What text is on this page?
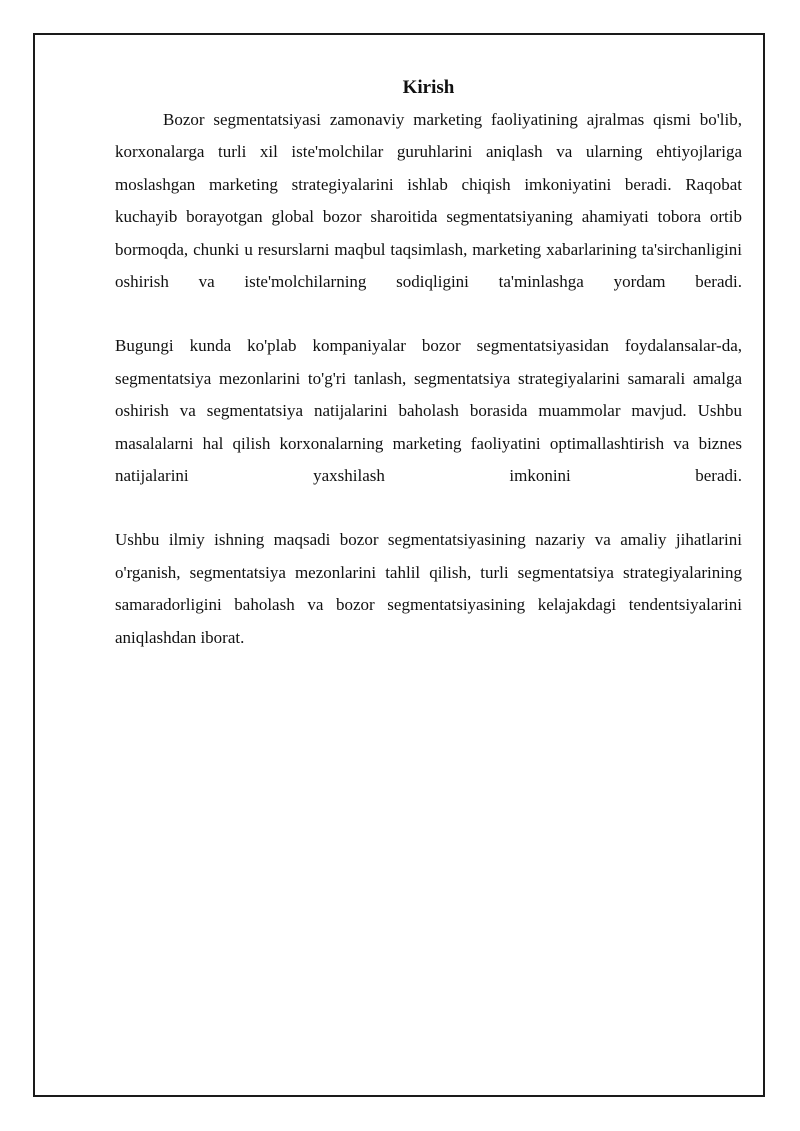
Kirish

Bozor segmentatsiyasi zamonaviy marketing faoliyatining ajralmas qismi bo'lib, korxonalarga turli xil iste'molchilar guruhlarini aniqlash va ularning ehtiyojlariga moslashgan marketing strategiyalarini ishlab chiqish imkoniyatini beradi. Raqobat kuchayib borayotgan global bozor sharoitida segmentatsiyaning ahamiyati tobora ortib bormoqda, chunki u resurslarni maqbul taqsimlash, marketing xabarlarining ta'sirchanligini oshirish va iste'molchilarning sodiqligini ta'minlashga yordam beradi.

Bugungi kunda ko'plab kompaniyalar bozor segmentatsiyasidan foydalansalar-da, segmentatsiya mezonlarini to'g'ri tanlash, segmentatsiya strategiyalarini samarali amalga oshirish va segmentatsiya natijalarini baholash borasida muammolar mavjud. Ushbu masalalarni hal qilish korxonalarning marketing faoliyatini optimallashtirish va biznes natijalarini yaxshilash imkonini beradi.

Ushbu ilmiy ishning maqsadi bozor segmentatsiyasining nazariy va amaliy jihatlarini o'rganish, segmentatsiya mezonlarini tahlil qilish, turli segmentatsiya strategiyalarining samaradorligini baholash va bozor segmentatsiyasining kelajakdagi tendentsiyalarini aniqlashdan iborat.
